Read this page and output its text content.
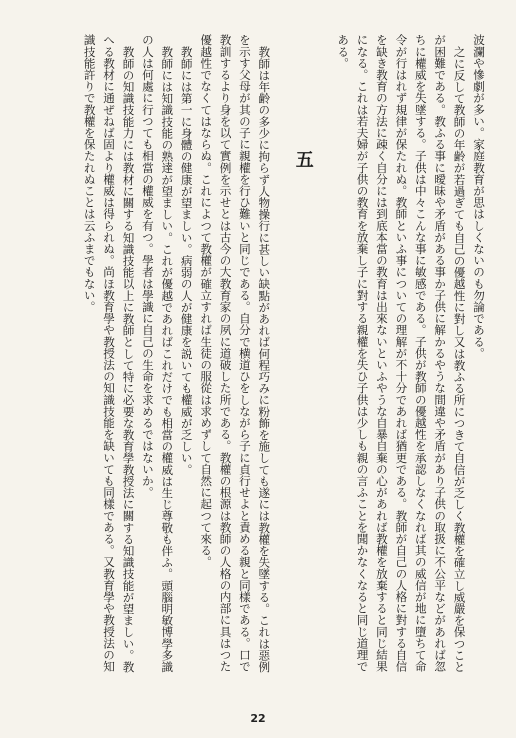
波瀾や慘劇が多い。家庭教育が思はしくないのも勿論である。

之に反して教師の年齢が若過ぎても自己の優越性に對し又は教ふる所につきて自信が乏しく教權を確立し威嚴を保つことが困難である。教ふる事に曖昧や矛盾がある事か子供に解かるやうな間違や矛盾があり子供の取扱に不公平などがあれば忽ちに權威を失墜する。子供は中々こんな事に敏感である。子供が教師の優越性を承認しなくなれば其の威信が地に墮ちて命令が行はれず規律が保たれぬ。教師といふ事についての理解が不十分であれば猶更である。教師が自己の人格に對する自信を缺き教育の方法に疎く自分には到底本當の教育は出來ないといふやうな自暴自棄の心があれば教權を放棄すると同じ結果になる。これは若夫婦が子供の教育を放棄し子に對する親權を失ひ子供は少しも親の言ふことを聞かなくなると同じ道理である。

五

教師は年齢の多少に拘らず人物操行に甚しい缺點があれば何程巧みに粉飾を施しても遂には教權を失墜する。これは惡例を示す父母が其の子に親權を行ひ難いと同じである。自分で横道ひをしながら子に貞行せよと責める親と同樣である。口で教訓するより身を以て實例を示せとは古今の大教育家の夙に道破した所である。教權の根源は教師の人格の内部に具はつた優越性でなくてはならぬ。これによつて教權が確立すれば生徒の服從は求めずして自然に起つて來る。

教師には第一に身體の健康が望ましい。病弱の人が健康を説いても權威が乏しい。

教師には知識技能の熟達が望ましい。これが優越であればこれだけでも相當の權威は生じ尊敬も伴ふ。頭腦明敏博學多識の人は何處に行つても相當の權威を有つ。學者は學識に自己の生命を求めるではないか。

教師の知識技能力には教材に關する知識技能以上に教師として特に必要な教育學教授法に關する知識技能が望ましい。教へる教材に通ぜねば固より權威は得られぬ。尚ほ教育學や教授法の知識技能を缺いても同樣である。又教育學や教授法の知識技能許りで教權を保たれぬことは云ふまでもない。

22
